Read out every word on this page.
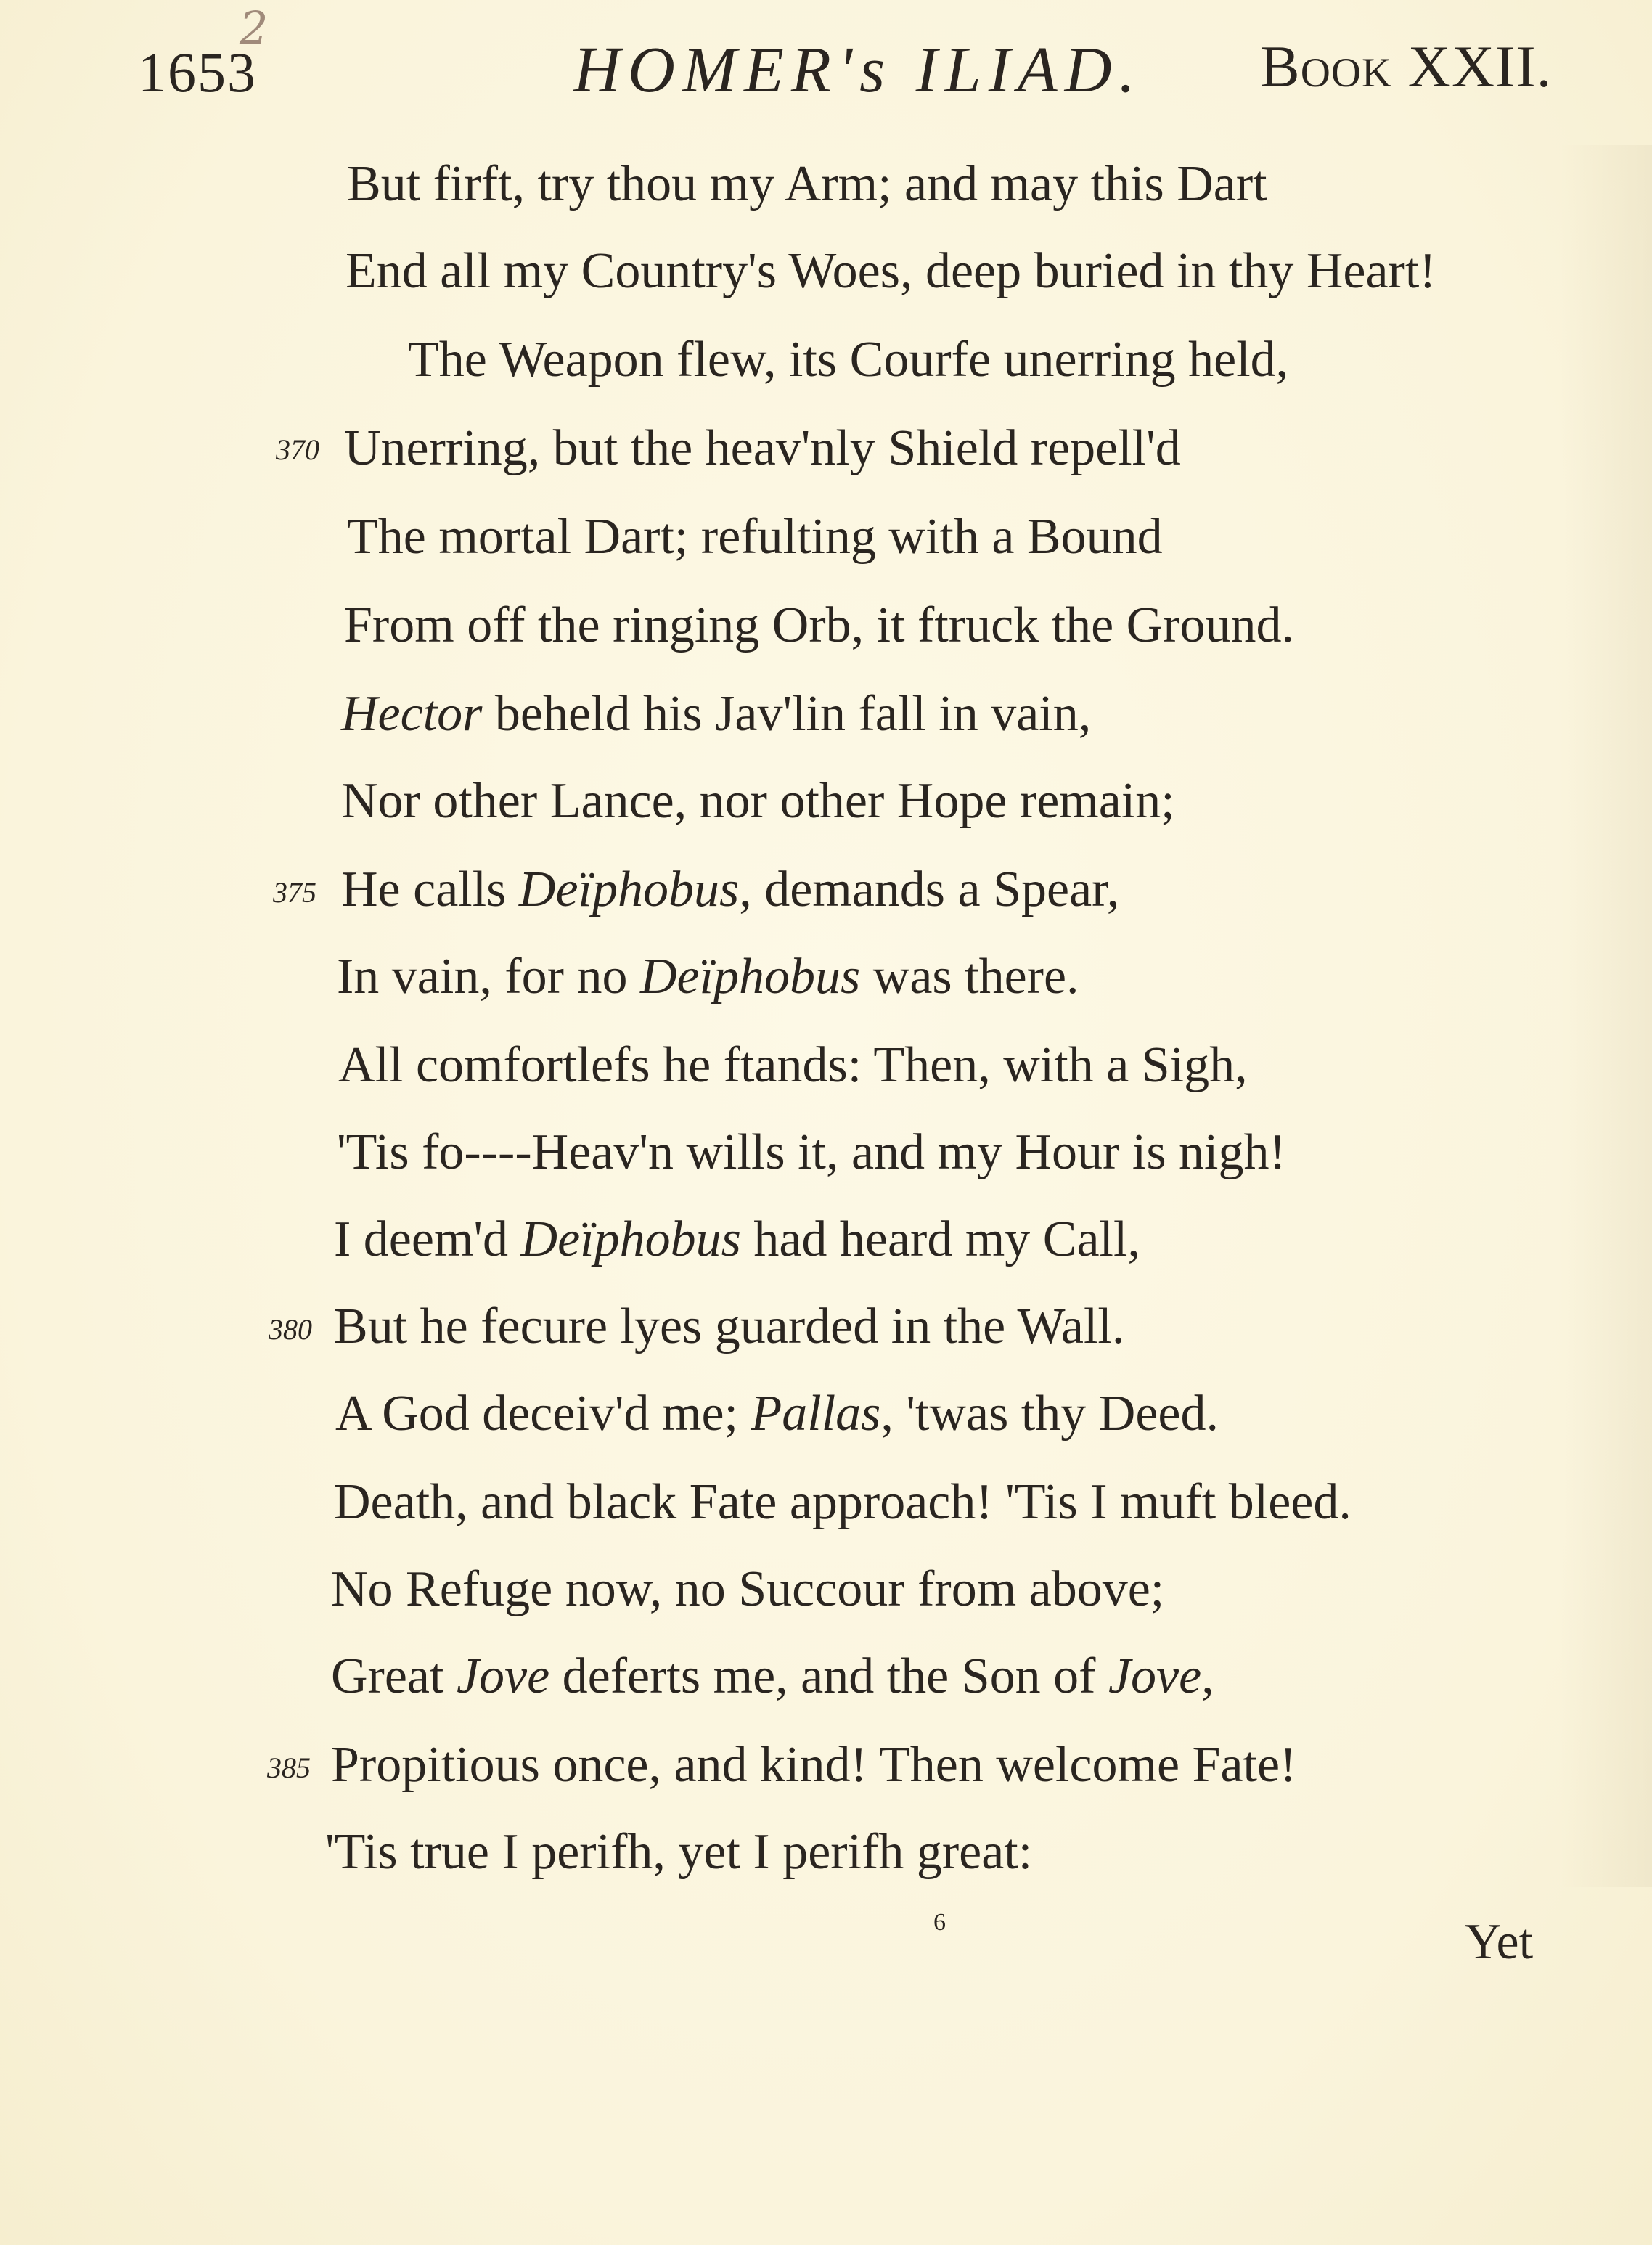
2
1653	HOMER's ILIAD. Book XXII.
But firft, try thou my Arm; and may this Dart
End all my Country's Woes, deep buried in thy Heart!
The Weapon flew, its Courfe unerring held,
370 Unerring, but the heav'nly Shield repell'd
The mortal Dart; refulting with a Bound
From off the ringing Orb, it ftruck the Ground.
Hector beheld his Jav'lin fall in vain,
Nor other Lance, nor other Hope remain;
375 He calls Deïphobus, demands a Spear,
In vain, for no Deïphobus was there.
All comfortlefs he ftands: Then, with a Sigh,
'Tis fo----Heav'n wills it, and my Hour is nigh!
I deem'd Deïphobus had heard my Call,
380 But he fecure lyes guarded in the Wall.
A God deceiv'd me; Pallas, 'twas thy Deed.
Death, and black Fate approach! 'Tis I muft bleed.
No Refuge now, no Succour from above;
Great Jove deferts me, and the Son of Jove,
385 Propitious once, and kind! Then welcome Fate!
'Tis true I perifh, yet I perifh great:
6	Yet
